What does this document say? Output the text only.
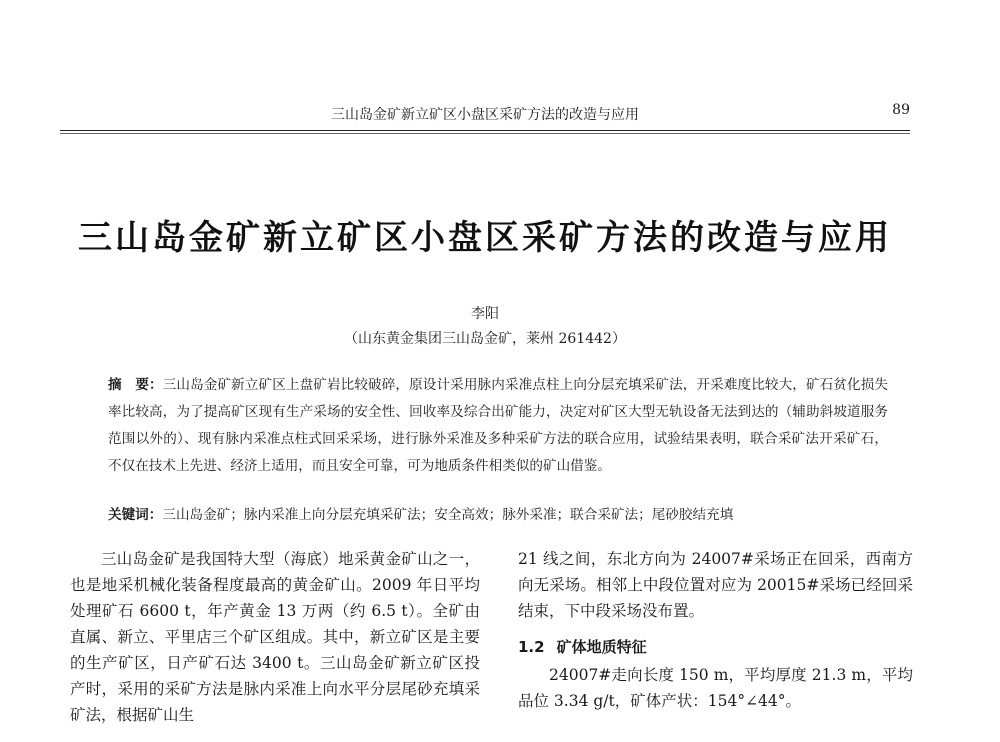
三山岛金矿新立矿区小盘区采矿方法的改造与应用	89
三山岛金矿新立矿区小盘区采矿方法的改造与应用
李阳
（山东黄金集团三山岛金矿，莱州 261442）
摘　要：三山岛金矿新立矿区上盘矿岩比较破碎，原设计采用脉内采准点柱上向分层充填采矿法，开采难度比较大，矿石贫化损失率比较高，为了提高矿区现有生产采场的安全性、回收率及综合出矿能力，决定对矿区大型无轨设备无法到达的（辅助斜坡道服务范围以外的）、现有脉内采准点柱式回采采场，进行脉外采准及多种采矿方法的联合应用，试验结果表明，联合采矿法开采矿石，不仅在技术上先进、经济上适用，而且安全可靠，可为地质条件相类似的矿山借鉴。
关键词：三山岛金矿；脉内采准上向分层充填采矿法；安全高效；脉外采准；联合采矿法；尾砂胶结充填

三山岛金矿是我国特大型（海底）地采黄金矿山之一，也是地采机械化装备程度最高的黄金矿山。2009 年日平均处理矿石 6600 t，年产黄金 13 万两（约 6.5 t）。全矿由直属、新立、平里店三个矿区组成。其中，新立矿区是主要的生产矿区，日产矿石达 3400 t。三山岛金矿新立矿区投产时，采用的采矿方法是脉内采准上向水平分层尾砂充填采矿法，根据矿山生

21 线之间，东北方向为 24007#采场正在回采，西南方向无采场。相邻上中段位置对应为 20015#采场已经回采结束，下中段采场没布置。

1.2 矿体地质特征

24007#走向长度 150 m，平均厚度 21.3 m，平均品位 3.34 g/t，矿体产状：154°∠44°。
